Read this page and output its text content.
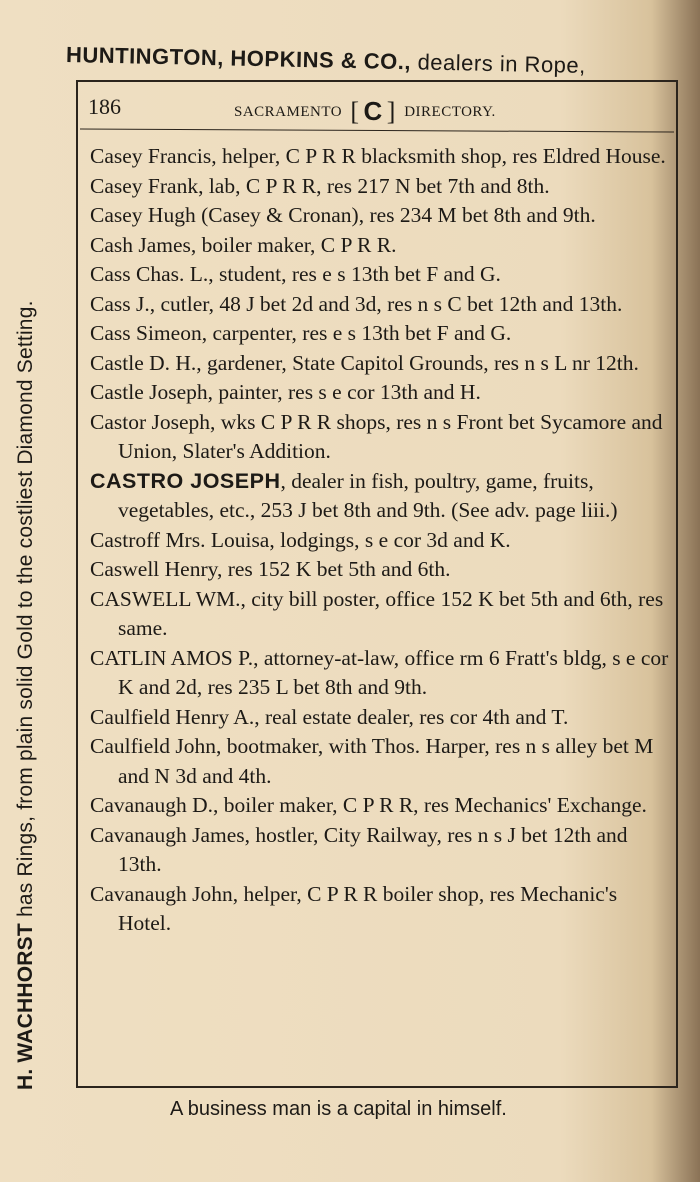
HUNTINGTON, HOPKINS & CO., dealers in Rope,
H. WACHHORST has Rings, from plain solid Gold to the costliest Diamond Setting.
186	SACRAMENTO [ C ] DIRECTORY.

Casey Francis, helper, C P R R blacksmith shop, res Eldred House.

Casey Frank, lab, C P R R, res 217 N bet 7th and 8th.

Casey Hugh (Casey & Cronan), res 234 M bet 8th and 9th.

Cash James, boiler maker, C P R R.

Cass Chas. L., student, res e s 13th bet F and G.

Cass J., cutler, 48 J bet 2d and 3d, res n s C bet 12th and 13th.

Cass Simeon, carpenter, res e s 13th bet F and G.

Castle D. H., gardener, State Capitol Grounds, res n s L nr 12th.

Castle Joseph, painter, res s e cor 13th and H.

Castor Joseph, wks C P R R shops, res n s Front bet Sycamore and Union, Slater's Addition.

CASTRO JOSEPH, dealer in fish, poultry, game, fruits, vegetables, etc., 253 J bet 8th and 9th. (See adv. page liii.)

Castroff Mrs. Louisa, lodgings, s e cor 3d and K.

Caswell Henry, res 152 K bet 5th and 6th.

CASWELL WM., city bill poster, office 152 K bet 5th and 6th, res same.

CATLIN AMOS P., attorney-at-law, office rm 6 Fratt's bldg, s e cor K and 2d, res 235 L bet 8th and 9th.

Caulfield Henry A., real estate dealer, res cor 4th and T.

Caulfield John, bootmaker, with Thos. Harper, res n s alley bet M and N 3d and 4th.

Cavanaugh D., boiler maker, C P R R, res Mechanics' Exchange.

Cavanaugh James, hostler, City Railway, res n s J bet 12th and 13th.

Cavanaugh John, helper, C P R R boiler shop, res Mechanic's Hotel.

A business man is a capital in himself.
